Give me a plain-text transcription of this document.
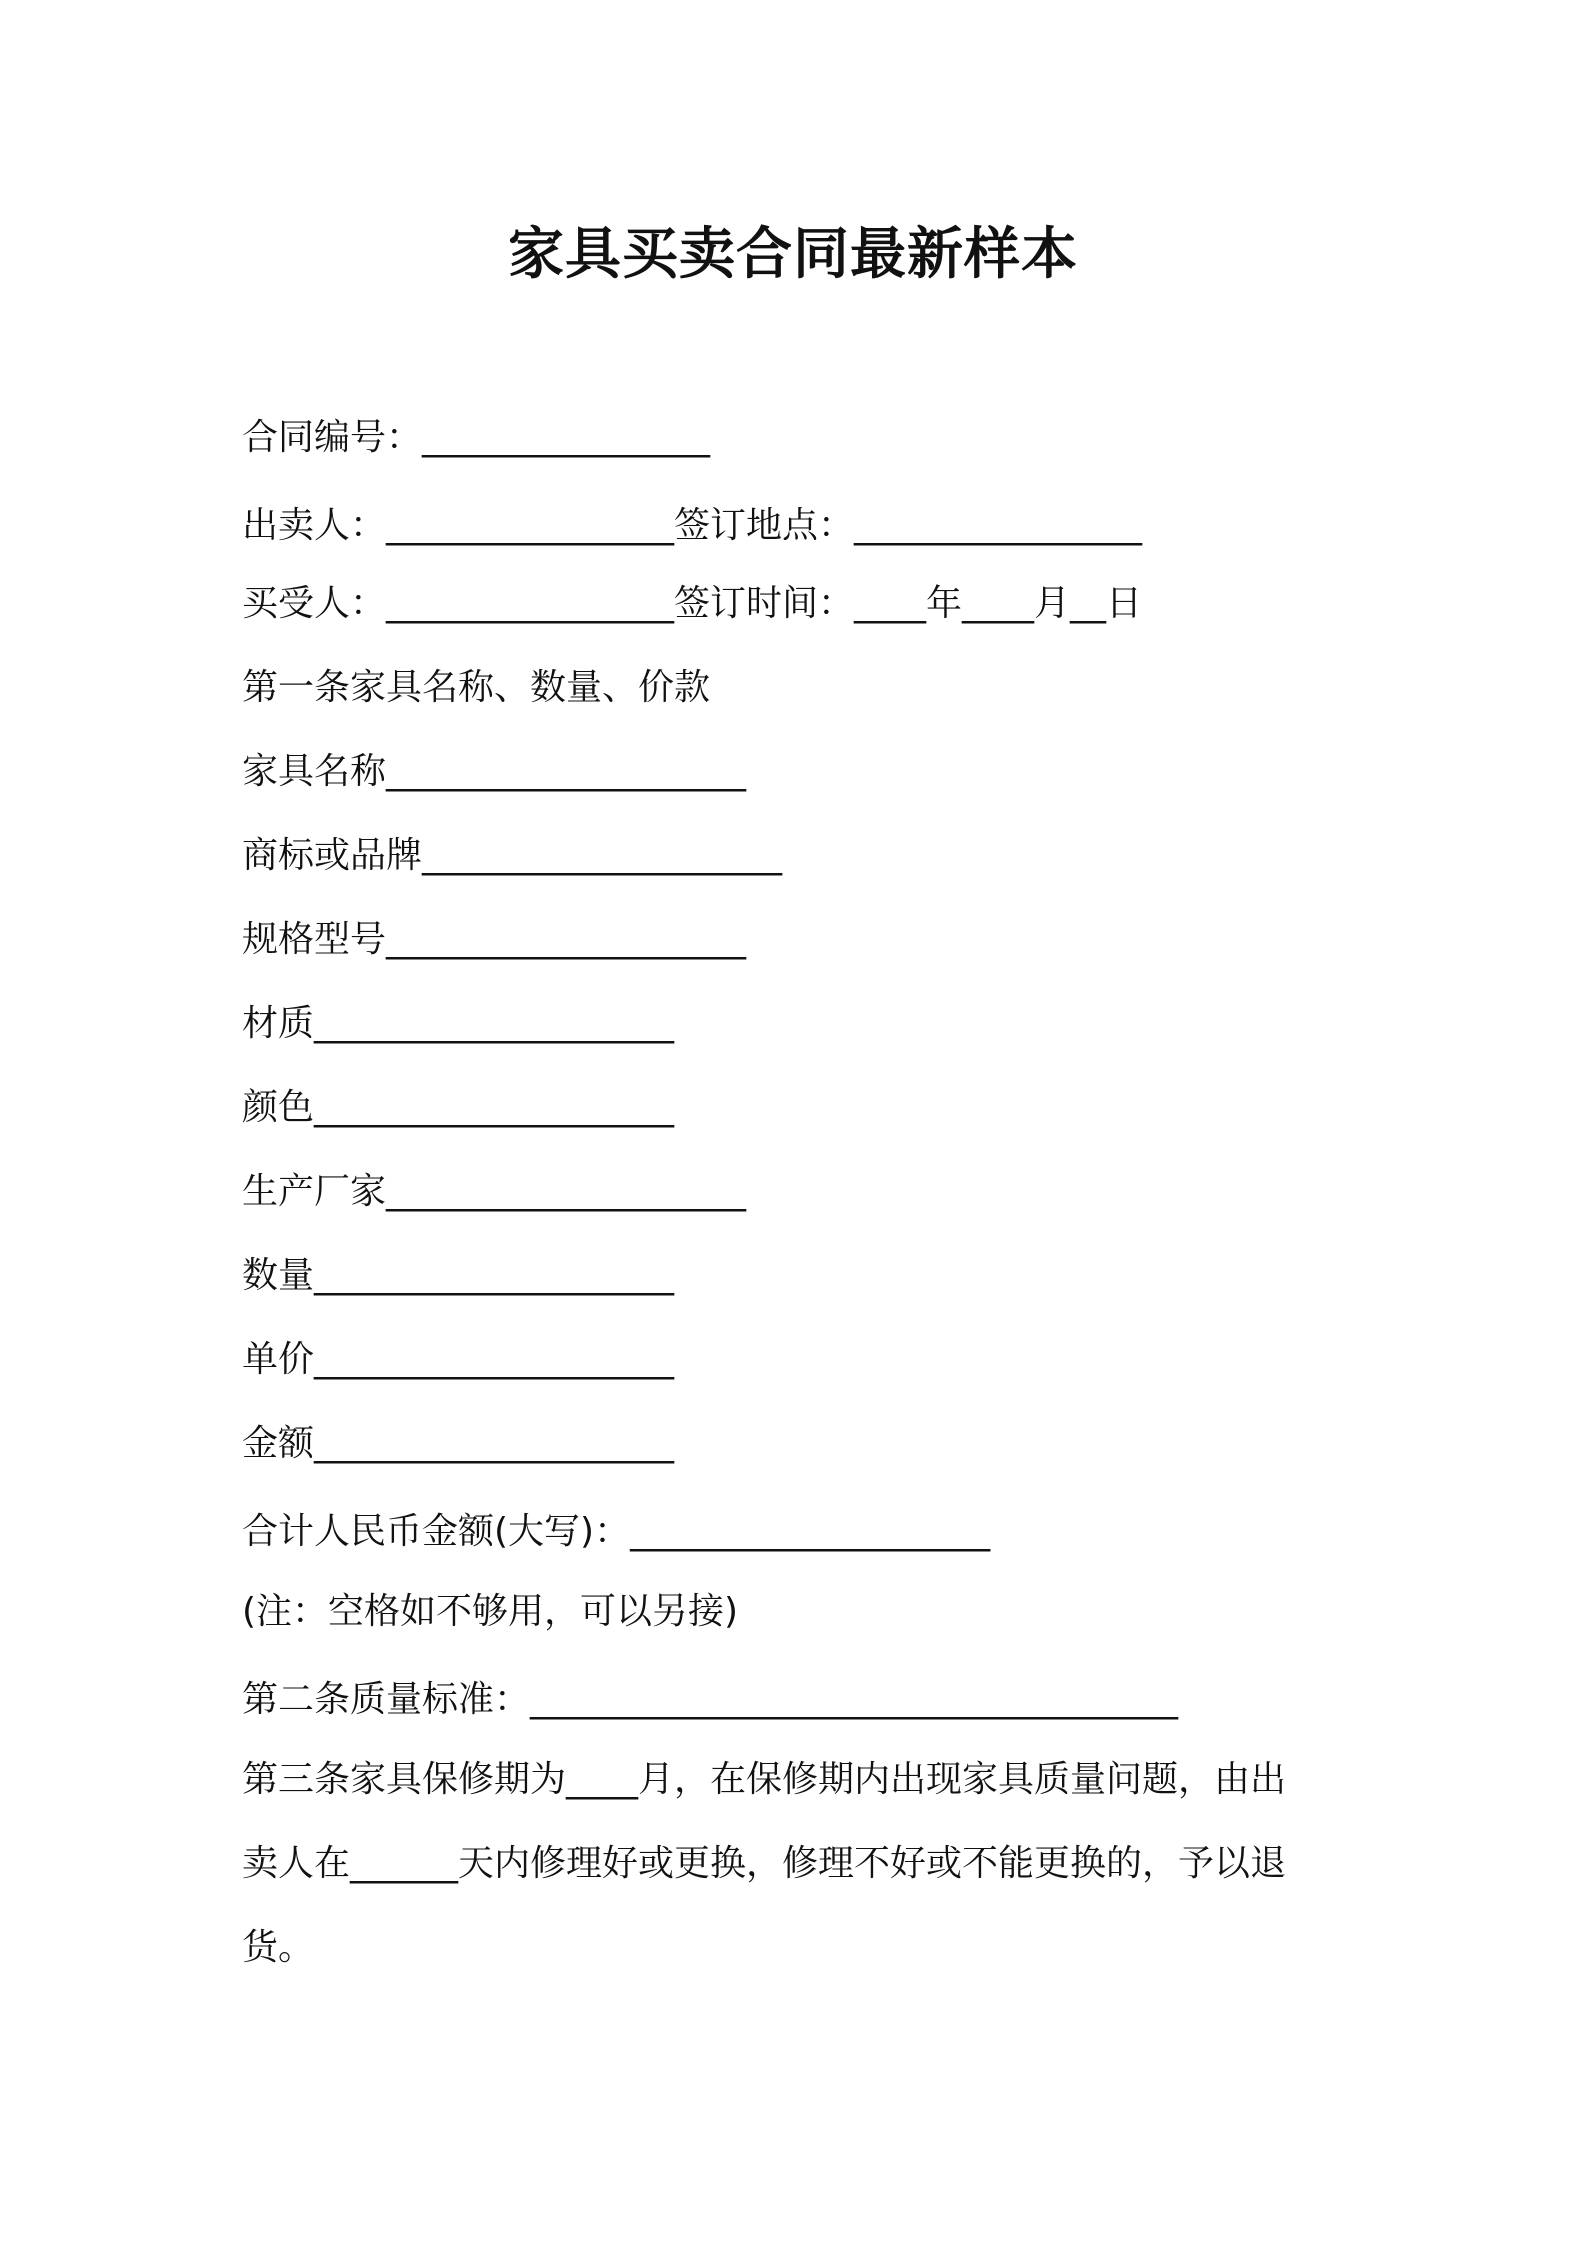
家具买卖合同最新样本
合同编号：________________
出卖人：________________签订地点：________________
买受人：________________签订时间：____年____月__日
第一条家具名称、数量、价款
家具名称____________________
商标或品牌____________________
规格型号____________________
材质____________________
颜色____________________
生产厂家____________________
数量____________________
单价____________________
金额____________________
合计人民币金额(大写)：____________________
(注：空格如不够用，可以另接)
第二条质量标准：____________________________________
第三条家具保修期为____月，在保修期内出现家具质量问题，由出
卖人在______天内修理好或更换，修理不好或不能更换的，予以退
货。
